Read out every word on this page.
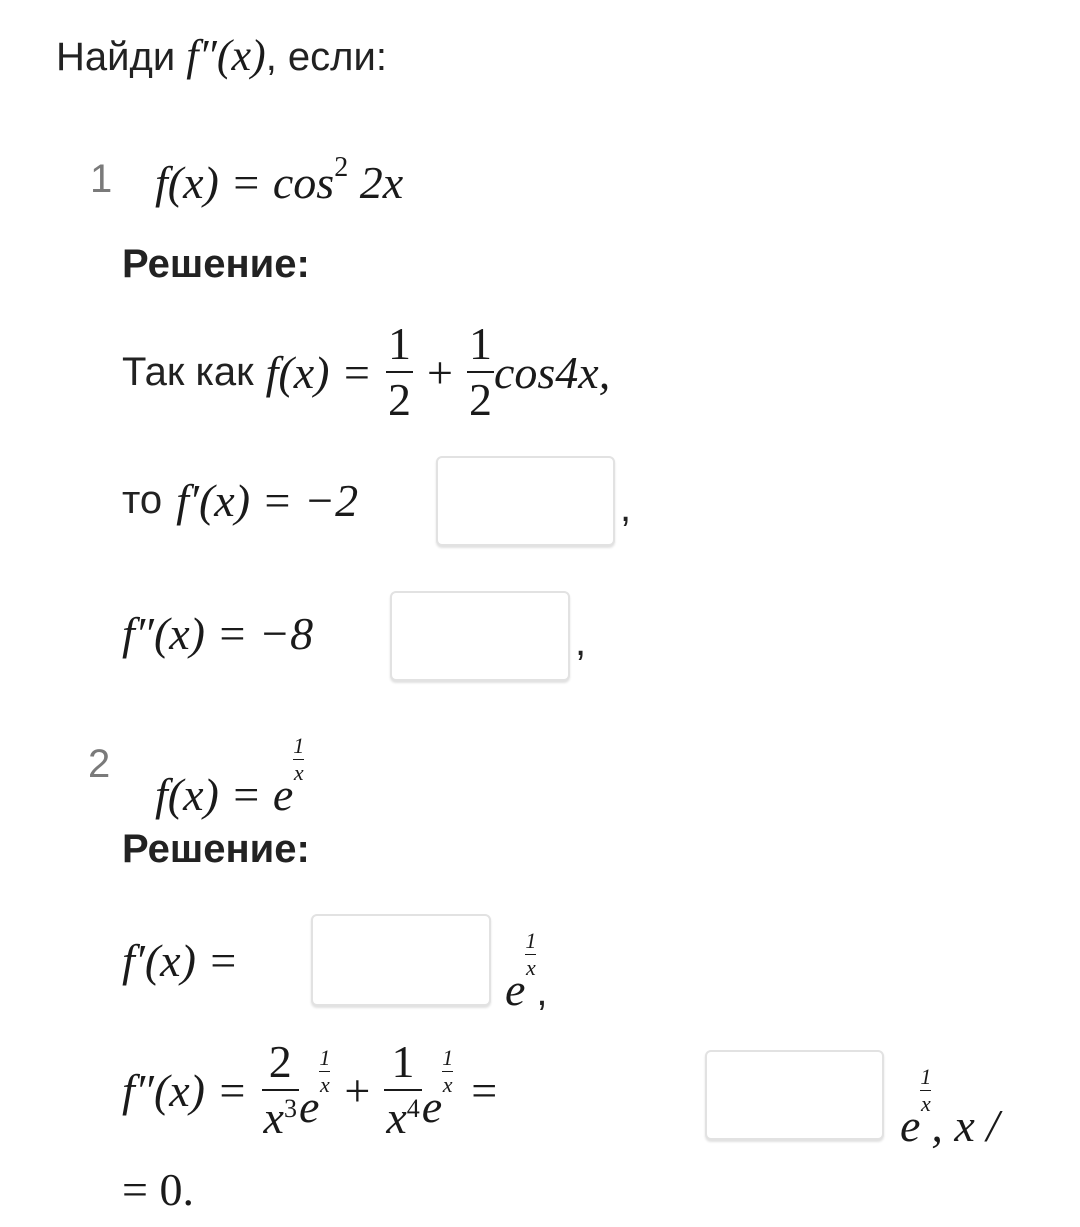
Найди f″(x), если:
1 $f(x) = \cos^2 2x$
Решение:
Так как $f(x) = \frac{1}{2} + \frac{1}{2} \cos 4x$,
то f′(x) = −2	,
f″(x) = −8	,
2
$f(x) = e\frac{1}{x}$
Решение:
f′(x) =
$e\frac{1}{x}$,
$f''(x) = \frac{2}{x^3} e\frac{1}{x} + \frac{1}{x^4} e\frac{1}{x}$ =
$e\frac{1}{x}$, x /
= 0.
